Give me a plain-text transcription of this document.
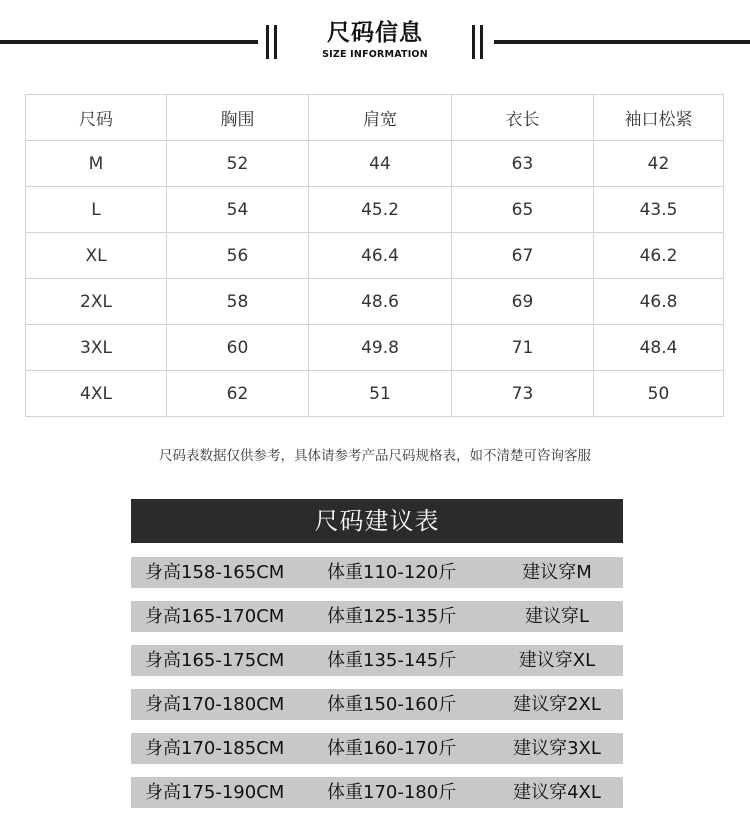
尺码信息
SIZE INFORMATION
尺码	胸围	肩宽	衣长	袖口松紧
M	52	44	63	42
L	54	45.2	65	43.5
XL	56	46.4	67	46.2
2XL	58	48.6	69	46.8
3XL	60	49.8	71	48.4
4XL	62	51	73	50
尺码表数据仅供参考，具体请参考产品尺码规格表，如不清楚可咨询客服
尺码建议表
身高158-165CM 体重110-120斤	建议穿M
身高165-170CM 体重125-135斤	建议穿L
身高165-175CM 体重135-145斤	建议穿XL
身高170-180CM 体重150-160斤	建议穿2XL
身高170-185CM 体重160-170斤	建议穿3XL
身高175-190CM 体重170-180斤	建议穿4XL
